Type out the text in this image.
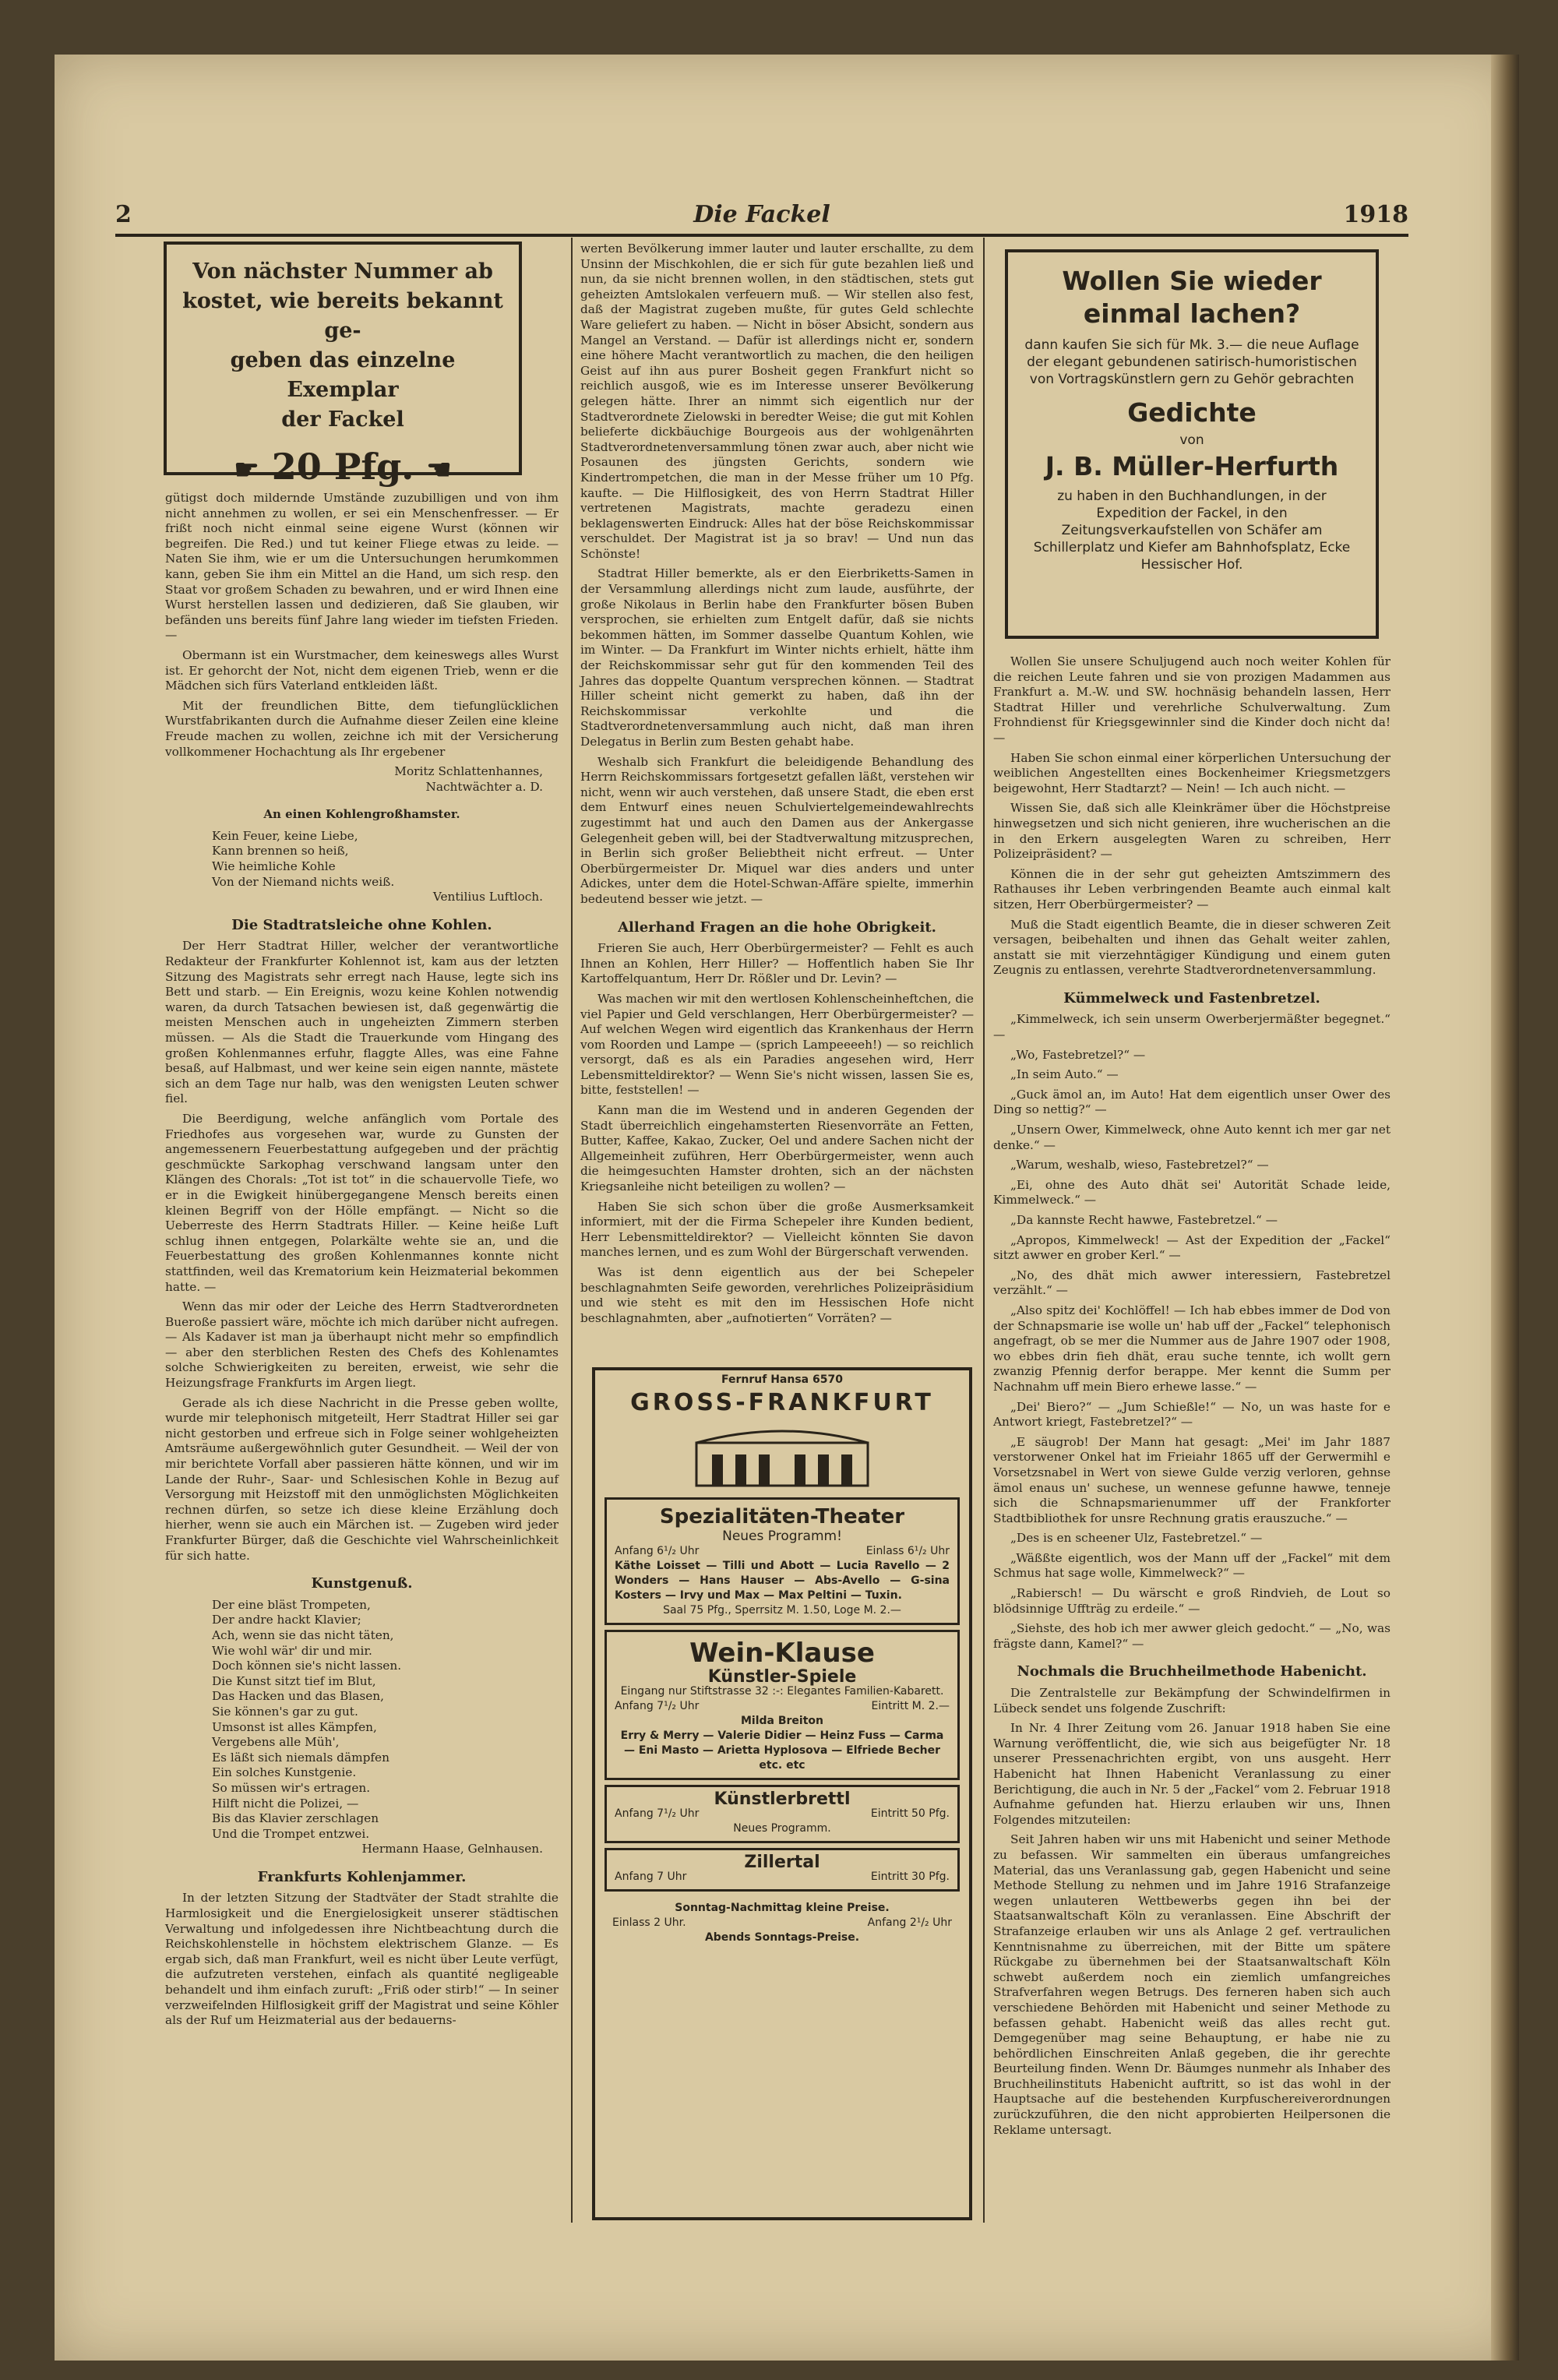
2	Die Fackel	1918
Von nächster Nummer ab
kostet, wie bereits bekannt ge-
geben das einzelne Exemplar
der Fackel
☛ 20 Pfg. ☚

gütigst doch mildernde Umstände zuzubilligen und von ihm nicht annehmen zu wollen, er sei ein Menschenfresser. — Er frißt noch nicht einmal seine eigene Wurst (können wir begreifen. Die Red.) und tut keiner Fliege etwas zu leide. — Naten Sie ihm, wie er um die Untersuchungen herumkommen kann, geben Sie ihm ein Mittel an die Hand, um sich resp. den Staat vor großem Schaden zu bewahren, und er wird Ihnen eine Wurst herstellen lassen und dedizieren, daß Sie glauben, wir befänden uns bereits fünf Jahre lang wieder im tiefsten Frieden. —

Obermann ist ein Wurstmacher, dem keineswegs alles Wurst ist. Er gehorcht der Not, nicht dem eigenen Trieb, wenn er die Mädchen sich fürs Vaterland entkleiden läßt.

Mit der freundlichen Bitte, dem tiefunglücklichen Wurstfabrikanten durch die Aufnahme dieser Zeilen eine kleine Freude machen zu wollen, zeichne ich mit der Versicherung vollkommener Hochachtung als Ihr ergebener

Moritz Schlattenhannes,
Nachtwächter a. D.
An einen Kohlengroßhamster.
Kein Feuer, keine Liebe,
Kann brennen so heiß,
Wie heimliche Kohle
Von der Niemand nichts weiß.
Ventilius Luftloch.
Die Stadtratsleiche ohne Kohlen.

Der Herr Stadtrat Hiller, welcher der verantwortliche Redakteur der Frankfurter Kohlennot ist, kam aus der letzten Sitzung des Magistrats sehr erregt nach Hause, legte sich ins Bett und starb. — Ein Ereignis, wozu keine Kohlen notwendig waren, da durch Tatsachen bewiesen ist, daß gegenwärtig die meisten Menschen auch in ungeheizten Zimmern sterben müssen. — Als die Stadt die Trauerkunde vom Hingang des großen Kohlenmannes erfuhr, flaggte Alles, was eine Fahne besaß, auf Halbmast, und wer keine sein eigen nannte, mästete sich an dem Tage nur halb, was den wenigsten Leuten schwer fiel.

Die Beerdigung, welche anfänglich vom Portale des Friedhofes aus vorgesehen war, wurde zu Gunsten der angemessenern Feuerbestattung aufgegeben und der prächtig geschmückte Sarkophag verschwand langsam unter den Klängen des Chorals: „Tot ist tot“ in die schauervolle Tiefe, wo er in die Ewigkeit hinübergegangene Mensch bereits einen kleinen Begriff von der Hölle empfängt. — Nicht so die Ueberreste des Herrn Stadtrats Hiller. — Keine heiße Luft schlug ihnen entgegen, Polarkälte wehte sie an, und die Feuerbestattung des großen Kohlenmannes konnte nicht stattfinden, weil das Krematorium kein Heizmaterial bekommen hatte. —

Wenn das mir oder der Leiche des Herrn Stadtverordneten Bueroße passiert wäre, möchte ich mich darüber nicht aufregen. — Als Kadaver ist man ja überhaupt nicht mehr so empfindlich — aber den sterblichen Resten des Chefs des Kohlenamtes solche Schwierigkeiten zu bereiten, erweist, wie sehr die Heizungsfrage Frankfurts im Argen liegt.

Gerade als ich diese Nachricht in die Presse geben wollte, wurde mir telephonisch mitgeteilt, Herr Stadtrat Hiller sei gar nicht gestorben und erfreue sich in Folge seiner wohlgeheizten Amtsräume außergewöhnlich guter Gesundheit. — Weil der von mir berichtete Vorfall aber passieren hätte können, und wir im Lande der Ruhr-, Saar- und Schlesischen Kohle in Bezug auf Versorgung mit Heizstoff mit den unmöglichsten Möglichkeiten rechnen dürfen, so setze ich diese kleine Erzählung doch hierher, wenn sie auch ein Märchen ist. — Zugeben wird jeder Frankfurter Bürger, daß die Geschichte viel Wahrscheinlichkeit für sich hatte.

Kunstgenuß.
Der eine bläst Trompeten,
Der andre hackt Klavier;
Ach, wenn sie das nicht täten,
Wie wohl wär' dir und mir.
Doch können sie's nicht lassen.
Die Kunst sitzt tief im Blut,
Das Hacken und das Blasen,
Sie können's gar zu gut.
Umsonst ist alles Kämpfen,
Vergebens alle Müh',
Es läßt sich niemals dämpfen
Ein solches Kunstgenie.
So müssen wir's ertragen.
Hilft nicht die Polizei, —
Bis das Klavier zerschlagen
Und die Trompet entzwei.
Hermann Haase, Gelnhausen.
Frankfurts Kohlenjammer.

In der letzten Sitzung der Stadtväter der Stadt strahlte die Harmlosigkeit und die Energielosigkeit unserer städtischen Verwaltung und infolgedessen ihre Nichtbeachtung durch die Reichskohlenstelle in höchstem elektrischem Glanze. — Es ergab sich, daß man Frankfurt, weil es nicht über Leute verfügt, die aufzutreten verstehen, einfach als quantité negligeable behandelt und ihm einfach zuruft: „Friß oder stirb!“ — In seiner verzweifelnden Hilflosigkeit griff der Magistrat und seine Köhler als der Ruf um Heizmaterial aus der bedauerns-

werten Bevölkerung immer lauter und lauter erschallte, zu dem Unsinn der Mischkohlen, die er sich für gute bezahlen ließ und nun, da sie nicht brennen wollen, in den städtischen, stets gut geheizten Amtslokalen verfeuern muß. — Wir stellen also fest, daß der Magistrat zugeben mußte, für gutes Geld schlechte Ware geliefert zu haben. — Nicht in böser Absicht, sondern aus Mangel an Verstand. — Dafür ist allerdings nicht er, sondern eine höhere Macht verantwortlich zu machen, die den heiligen Geist auf ihn aus purer Bosheit gegen Frankfurt nicht so reichlich ausgoß, wie es im Interesse unserer Bevölkerung gelegen hätte. Ihrer an nimmt sich eigentlich nur der Stadtverordnete Zielowski in beredter Weise; die gut mit Kohlen belieferte dickbäuchige Bourgeois aus der wohlgenährten Stadtverordnetenversammlung tönen zwar auch, aber nicht wie Posaunen des jüngsten Gerichts, sondern wie Kindertrompetchen, die man in der Messe früher um 10 Pfg. kaufte. — Die Hilflosigkeit, des von Herrn Stadtrat Hiller vertretenen Magistrats, machte geradezu einen beklagenswerten Eindruck: Alles hat der böse Reichskommissar verschuldet. Der Magistrat ist ja so brav! — Und nun das Schönste!

Stadtrat Hiller bemerkte, als er den Eierbriketts-Samen in der Versammlung allerdings nicht zum laude, ausführte, der große Nikolaus in Berlin habe den Frankfurter bösen Buben versprochen, sie erhielten zum Entgelt dafür, daß sie nichts bekommen hätten, im Sommer dasselbe Quantum Kohlen, wie im Winter. — Da Frankfurt im Winter nichts erhielt, hätte ihm der Reichskommissar sehr gut für den kommenden Teil des Jahres das doppelte Quantum versprechen können. — Stadtrat Hiller scheint nicht gemerkt zu haben, daß ihn der Reichskommissar verkohlte und die Stadtverordnetenversammlung auch nicht, daß man ihren Delegatus in Berlin zum Besten gehabt habe.

Weshalb sich Frankfurt die beleidigende Behandlung des Herrn Reichskommissars fortgesetzt gefallen läßt, verstehen wir nicht, wenn wir auch verstehen, daß unsere Stadt, die eben erst dem Entwurf eines neuen Schulviertelgemeindewahlrechts zugestimmt hat und auch den Damen aus der Ankergasse Gelegenheit geben will, bei der Stadtverwaltung mitzusprechen, in Berlin sich großer Beliebtheit nicht erfreut. — Unter Oberbürgermeister Dr. Miquel war dies anders und unter Adickes, unter dem die Hotel-Schwan-Affäre spielte, immerhin bedeutend besser wie jetzt. —

Allerhand Fragen an die hohe Obrigkeit.

Frieren Sie auch, Herr Oberbürgermeister? — Fehlt es auch Ihnen an Kohlen, Herr Hiller? — Hoffentlich haben Sie Ihr Kartoffelquantum, Herr Dr. Rößler und Dr. Levin? —

Was machen wir mit den wertlosen Kohlenscheinheftchen, die viel Papier und Geld verschlangen, Herr Oberbürgermeister? — Auf welchen Wegen wird eigentlich das Krankenhaus der Herrn vom Roorden und Lampe — (sprich Lampeeeeh!) — so reichlich versorgt, daß es als ein Paradies angesehen wird, Herr Lebensmitteldirektor? — Wenn Sie's nicht wissen, lassen Sie es, bitte, feststellen! —

Kann man die im Westend und in anderen Gegenden der Stadt überreichlich eingehamsterten Riesenvorräte an Fetten, Butter, Kaffee, Kakao, Zucker, Oel und andere Sachen nicht der Allgemeinheit zuführen, Herr Oberbürgermeister, wenn auch die heimgesuchten Hamster drohten, sich an der nächsten Kriegsanleihe nicht beteiligen zu wollen? —

Haben Sie sich schon über die große Ausmerksamkeit informiert, mit der die Firma Schepeler ihre Kunden bedient, Herr Lebensmitteldirektor? — Vielleicht könnten Sie davon manches lernen, und es zum Wohl der Bürgerschaft verwenden.

Was ist denn eigentlich aus der bei Schepeler beschlagnahmten Seife geworden, verehrliches Polizeipräsidium und wie steht es mit den im Hessischen Hofe nicht beschlagnahmten, aber „aufnotierten“ Vorräten? —

Fernruf Hansa 6570
GROSS-FRANKFURT
Spezialitäten-Theater
Neues Programm!
Anfang 6¹/₂ Uhr	Einlass 6¹/₂ Uhr
Käthe Loisset — Tilli und Abott — Lucia Ravello — 2 Wonders — Hans Hauser — Abs-Avello — G-sina Kosters — Irvy und Max — Max Peltini — Tuxin.
Saal 75 Pfg., Sperrsitz M. 1.50, Loge M. 2.—
Wein-Klause
Künstler-Spiele
Eingang nur Stiftstrasse 32 :-: Elegantes Familien-Kabarett.
Anfang 7¹/₂ Uhr	Eintritt M. 2.—
Milda Breiton
Erry & Merry — Valerie Didier — Heinz Fuss — Carma — Eni Masto — Arietta Hyplosova — Elfriede Becher etc. etc
Künstlerbrettl
Anfang 7¹/₂ Uhr	Eintritt 50 Pfg.
Neues Programm.
Zillertal
Anfang 7 Uhr	Eintritt 30 Pfg.
Sonntag-Nachmittag kleine Preise.
Einlass 2 Uhr.	Anfang 2¹/₂ Uhr
Abends Sonntags-Preise.
Wollen Sie wieder
einmal lachen?
dann kaufen Sie sich für Mk. 3.— die neue Auflage der elegant gebundenen satirisch-humoristischen von Vortragskünstlern gern zu Gehör gebrachten
Gedichte
von
J. B. Müller-Herfurth
zu haben in den Buchhandlungen, in der Expedition der Fackel, in den Zeitungsverkaufstellen von Schäfer am Schillerplatz und Kiefer am Bahnhofsplatz, Ecke Hessischer Hof.

Wollen Sie unsere Schuljugend auch noch weiter Kohlen für die reichen Leute fahren und sie von prozigen Madammen aus Frankfurt a. M.-W. und SW. hochnäsig behandeln lassen, Herr Stadtrat Hiller und verehrliche Schulverwaltung. Zum Frohndienst für Kriegsgewinnler sind die Kinder doch nicht da! —

Haben Sie schon einmal einer körperlichen Untersuchung der weiblichen Angestellten eines Bockenheimer Kriegsmetzgers beigewohnt, Herr Stadtarzt? — Nein! — Ich auch nicht. —

Wissen Sie, daß sich alle Kleinkrämer über die Höchstpreise hinwegsetzen und sich nicht genieren, ihre wucherischen an die in den Erkern ausgelegten Waren zu schreiben, Herr Polizeipräsident? —

Können die in der sehr gut geheizten Amtszimmern des Rathauses ihr Leben verbringenden Beamte auch einmal kalt sitzen, Herr Oberbürgermeister? —

Muß die Stadt eigentlich Beamte, die in dieser schweren Zeit versagen, beibehalten und ihnen das Gehalt weiter zahlen, anstatt sie mit vierzehntägiger Kündigung und einem guten Zeugnis zu entlassen, verehrte Stadtverordnetenversammlung.

Kümmelweck und Fastenbretzel.

„Kimmelweck, ich sein unserm Owerberjermäßter begegnet.“ —

„Wo, Fastebretzel?“ —

„In seim Auto.“ —

„Guck ämol an, im Auto! Hat dem eigentlich unser Ower des Ding so nettig?“ —

„Unsern Ower, Kimmelweck, ohne Auto kennt ich mer gar net denke.“ —

„Warum, weshalb, wieso, Fastebretzel?“ —

„Ei, ohne des Auto dhät sei' Autorität Schade leide, Kimmelweck.“ —

„Da kannste Recht hawwe, Fastebretzel.“ —

„Apropos, Kimmelweck! — Ast der Expedition der „Fackel“ sitzt awwer en grober Kerl.“ —

„No, des dhät mich awwer interessiern, Fastebretzel verzählt.“ —

„Also spitz dei' Kochlöffel! — Ich hab ebbes immer de Dod von der Schnapsmarie ise wolle un' hab uff der „Fackel“ telephonisch angefragt, ob se mer die Nummer aus de Jahre 1907 oder 1908, wo ebbes drin fieh dhät, erau suche tennte, ich wollt gern zwanzig Pfennig derfor berappe. Mer kennt die Summ per Nachnahm uff mein Biero erhewe lasse.“ —

„Dei' Biero?“ — „Jum Schießle!“ — No, un was haste for e Antwort kriegt, Fastebretzel?“ —

„E säugrob! Der Mann hat gesagt: „Mei' im Jahr 1887 verstorwener Onkel hat im Frieiahr 1865 uff der Gerwermihl e Vorsetzsnabel in Wert von siewe Gulde verzig verloren, gehnse ämol enaus un' suchese, un wennese gefunne hawwe, tenneje sich die Schnapsmarienummer uff der Frankforter Stadtbibliothek for unsre Rechnung gratis erauszuche.“ —

„Des is en scheener Ulz, Fastebretzel.“ —

„Wäßßte eigentlich, wos der Mann uff der „Fackel“ mit dem Schmus hat sage wolle, Kimmelweck?“ —

„Rabiersch! — Du wärscht e groß Rindvieh, de Lout so blödsinnige Uffträg zu erdeile.“ —

„Siehste, des hob ich mer awwer gleich gedocht.“ — „No, was frägste dann, Kamel?“ —

Nochmals die Bruchheilmethode Habenicht.

Die Zentralstelle zur Bekämpfung der Schwindelfirmen in Lübeck sendet uns folgende Zuschrift:

In Nr. 4 Ihrer Zeitung vom 26. Januar 1918 haben Sie eine Warnung veröffentlicht, die, wie sich aus beigefügter Nr. 18 unserer Pressenachrichten ergibt, von uns ausgeht. Herr Habenicht hat Ihnen Habenicht Veranlassung zu einer Berichtigung, die auch in Nr. 5 der „Fackel“ vom 2. Februar 1918 Aufnahme gefunden hat. Hierzu erlauben wir uns, Ihnen Folgendes mitzuteilen:

Seit Jahren haben wir uns mit Habenicht und seiner Methode zu befassen. Wir sammelten ein überaus umfangreiches Material, das uns Veranlassung gab, gegen Habenicht und seine Methode Stellung zu nehmen und im Jahre 1916 Strafanzeige wegen unlauteren Wettbewerbs gegen ihn bei der Staatsanwaltschaft Köln zu veranlassen. Eine Abschrift der Strafanzeige erlauben wir uns als Anlage 2 gef. vertraulichen Kenntnisnahme zu überreichen, mit der Bitte um spätere Rückgabe zu übernehmen bei der Staatsanwaltschaft Köln schwebt außerdem noch ein ziemlich umfangreiches Strafverfahren wegen Betrugs. Des ferneren haben sich auch verschiedene Behörden mit Habenicht und seiner Methode zu befassen gehabt. Habenicht weiß das alles recht gut. Demgegenüber mag seine Behauptung, er habe nie zu behördlichen Einschreiten Anlaß gegeben, die ihr gerechte Beurteilung finden. Wenn Dr. Bäumges nunmehr als Inhaber des Bruchheilinstituts Habenicht auftritt, so ist das wohl in der Hauptsache auf die bestehenden Kurpfuschereiverordnungen zurückzuführen, die den nicht approbierten Heilpersonen die Reklame untersagt.
